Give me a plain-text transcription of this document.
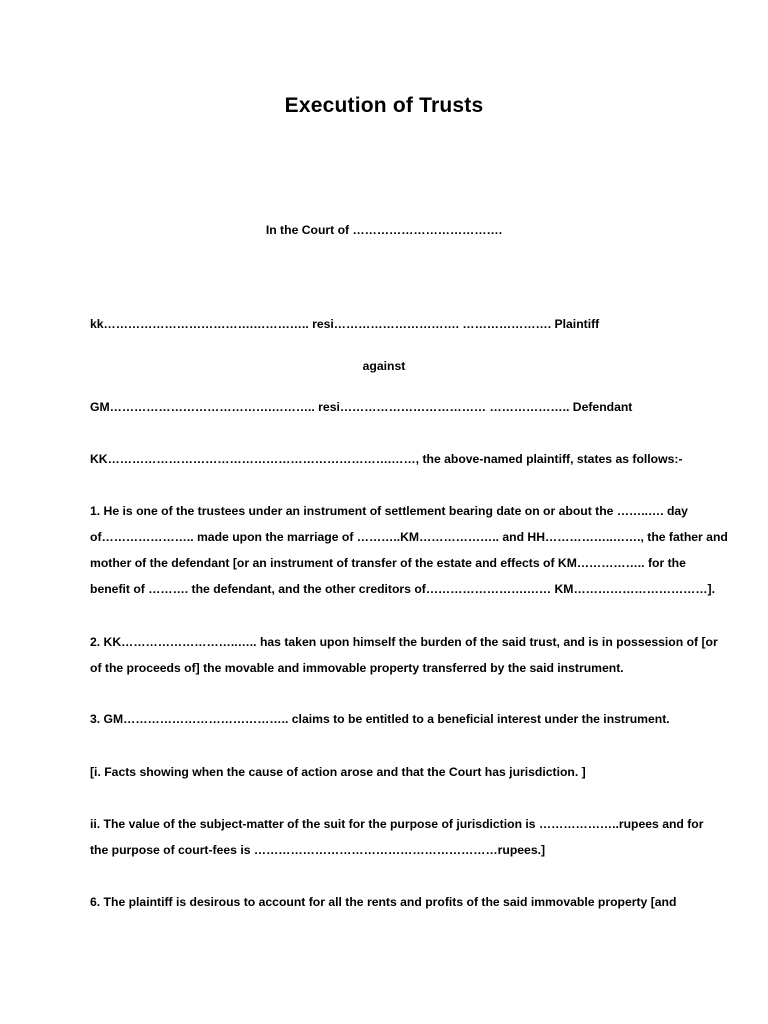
Execution of Trusts
In the Court of ……………………………….
kk……………………………….………….. resi…………………………. …………………. Plaintiff
against
GM………………………………….……….. resi……………………………… ……………….. Defendant
KK…………………………………………………………….……, the above-named plaintiff, states as follows:-
1. He is one of the trustees under an instrument of settlement bearing date on or about the ……..…. day
of………………….. made upon the marriage of ………..KM……………….. and HH……………..……., the father and
mother of the defendant [or an instrument of transfer of the estate and effects of KM…………….. for the
benefit of ………. the defendant, and the other creditors of…………………….…… KM……………………………].
2. KK………………………..….. has taken upon himself the burden of the said trust, and is in possession of [or
of the proceeds of] the movable and immovable property transferred by the said instrument.
3. GM………………………………….. claims to be entitled to a beneficial interest under the instrument.
[i. Facts showing when the cause of action arose and that the Court has jurisdiction. ]
ii. The value of the subject-matter of the suit for the purpose of jurisdiction is ………………..rupees and for
the purpose of court-fees is ……………………………………………………rupees.]
6. The plaintiff is desirous to account for all the rents and profits of the said immovable property [and
